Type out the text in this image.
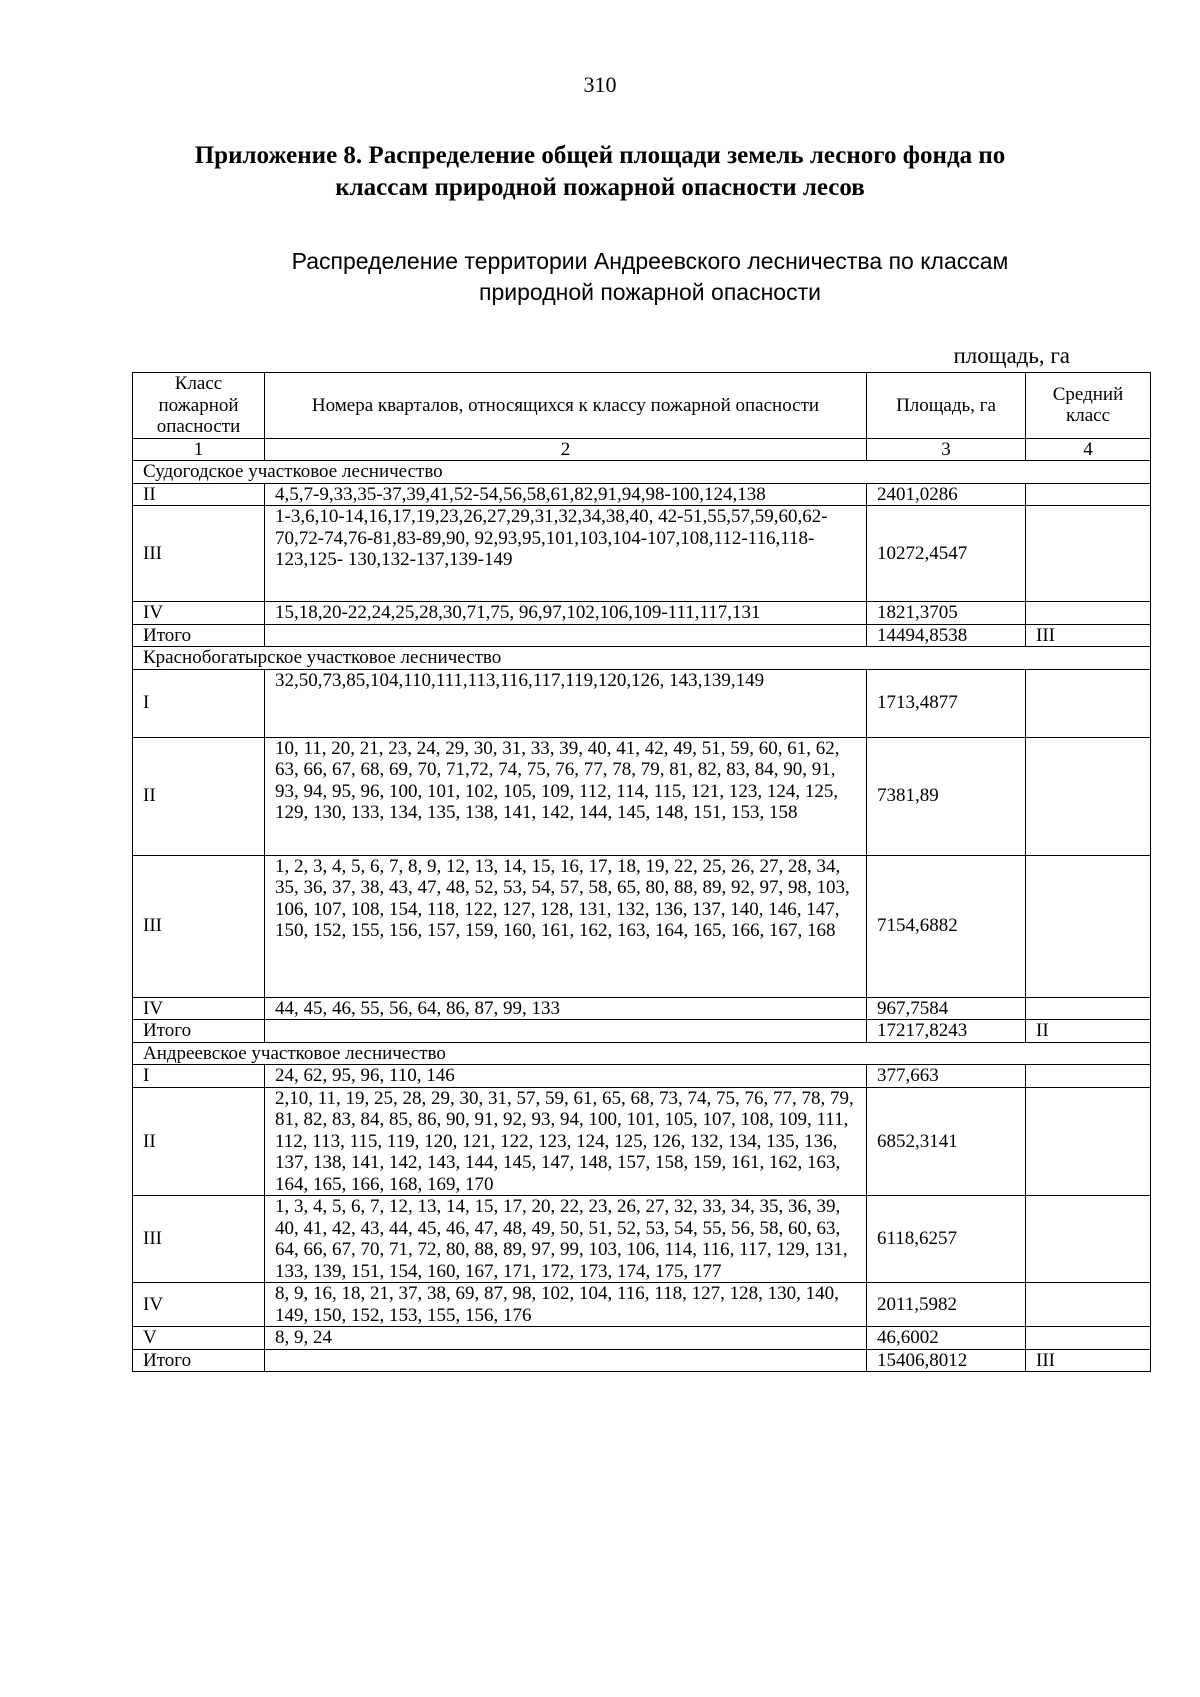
310
Приложение 8. Распределение общей площади земель лесного фонда по классам природной пожарной опасности лесов
Распределение территории Андреевского лесничества по классам природной пожарной опасности
площадь, га
Класс пожарной опасности	Номера кварталов, относящихся к классу пожарной опасности	Площадь, га	Средний класс
1	2	3	4
Судогодское участковое лесничество			
II	4,5,7-9,33,35-37,39,41,52-54,56,58,61,82,91,94,98-100,124,138	2401,0286	
III	1-3,6,10-14,16,17,19,23,26,27,29,31,32,34,38,40, 42-51,55,57,59,60,62-70,72-74,76-81,83-89,90, 92,93,95,101,103,104-107,108,112-116,118-123,125- 130,132-137,139-149	10272,4547	
IV	15,18,20-22,24,25,28,30,71,75, 96,97,102,106,109-111,117,131	1821,3705	
Итого		14494,8538	III
Краснобогатырское участковое лесничество			
I	32,50,73,85,104,110,111,113,116,117,119,120,126, 143,139,149	1713,4877	
II	10, 11, 20, 21, 23, 24, 29, 30, 31, 33, 39, 40, 41, 42, 49, 51, 59, 60, 61, 62, 63, 66, 67, 68, 69, 70, 71,72, 74, 75, 76, 77, 78, 79, 81, 82, 83, 84, 90, 91, 93, 94, 95, 96, 100, 101, 102, 105, 109, 112, 114, 115, 121, 123, 124, 125, 129, 130, 133, 134, 135, 138, 141, 142, 144, 145, 148, 151, 153, 158	7381,89	
III	1, 2, 3, 4, 5, 6, 7, 8, 9, 12, 13, 14, 15, 16, 17, 18, 19, 22, 25, 26, 27, 28, 34, 35, 36, 37, 38, 43, 47, 48, 52, 53, 54, 57, 58, 65, 80, 88, 89, 92, 97, 98, 103, 106, 107, 108, 154, 118, 122, 127, 128, 131, 132, 136, 137, 140, 146, 147, 150, 152, 155, 156, 157, 159, 160, 161, 162, 163, 164, 165, 166, 167, 168	7154,6882	
IV	44, 45, 46, 55, 56, 64, 86, 87, 99, 133	967,7584	
Итого		17217,8243	II
Андреевское участковое лесничество			
I	24, 62, 95, 96, 110, 146	377,663	
II	2,10, 11, 19, 25, 28, 29, 30, 31, 57, 59, 61, 65, 68, 73, 74, 75, 76, 77, 78, 79, 81, 82, 83, 84, 85, 86, 90, 91, 92, 93, 94, 100, 101, 105, 107, 108, 109, 111, 112, 113, 115, 119, 120, 121, 122, 123, 124, 125, 126, 132, 134, 135, 136, 137, 138, 141, 142, 143, 144, 145, 147, 148, 157, 158, 159, 161, 162, 163, 164, 165, 166, 168, 169, 170	6852,3141	
III	1, 3, 4, 5, 6, 7, 12, 13, 14, 15, 17, 20, 22, 23, 26, 27, 32, 33, 34, 35, 36, 39, 40, 41, 42, 43, 44, 45, 46, 47, 48, 49, 50, 51, 52, 53, 54, 55, 56, 58, 60, 63, 64, 66, 67, 70, 71, 72, 80, 88, 89, 97, 99, 103, 106, 114, 116, 117, 129, 131, 133, 139, 151, 154, 160, 167, 171, 172, 173, 174, 175, 177	6118,6257	
IV	8, 9, 16, 18, 21, 37, 38, 69, 87, 98, 102, 104, 116, 118, 127, 128, 130, 140, 149, 150, 152, 153, 155, 156, 176	2011,5982	
V	8, 9, 24	46,6002	
Итого		15406,8012	III
